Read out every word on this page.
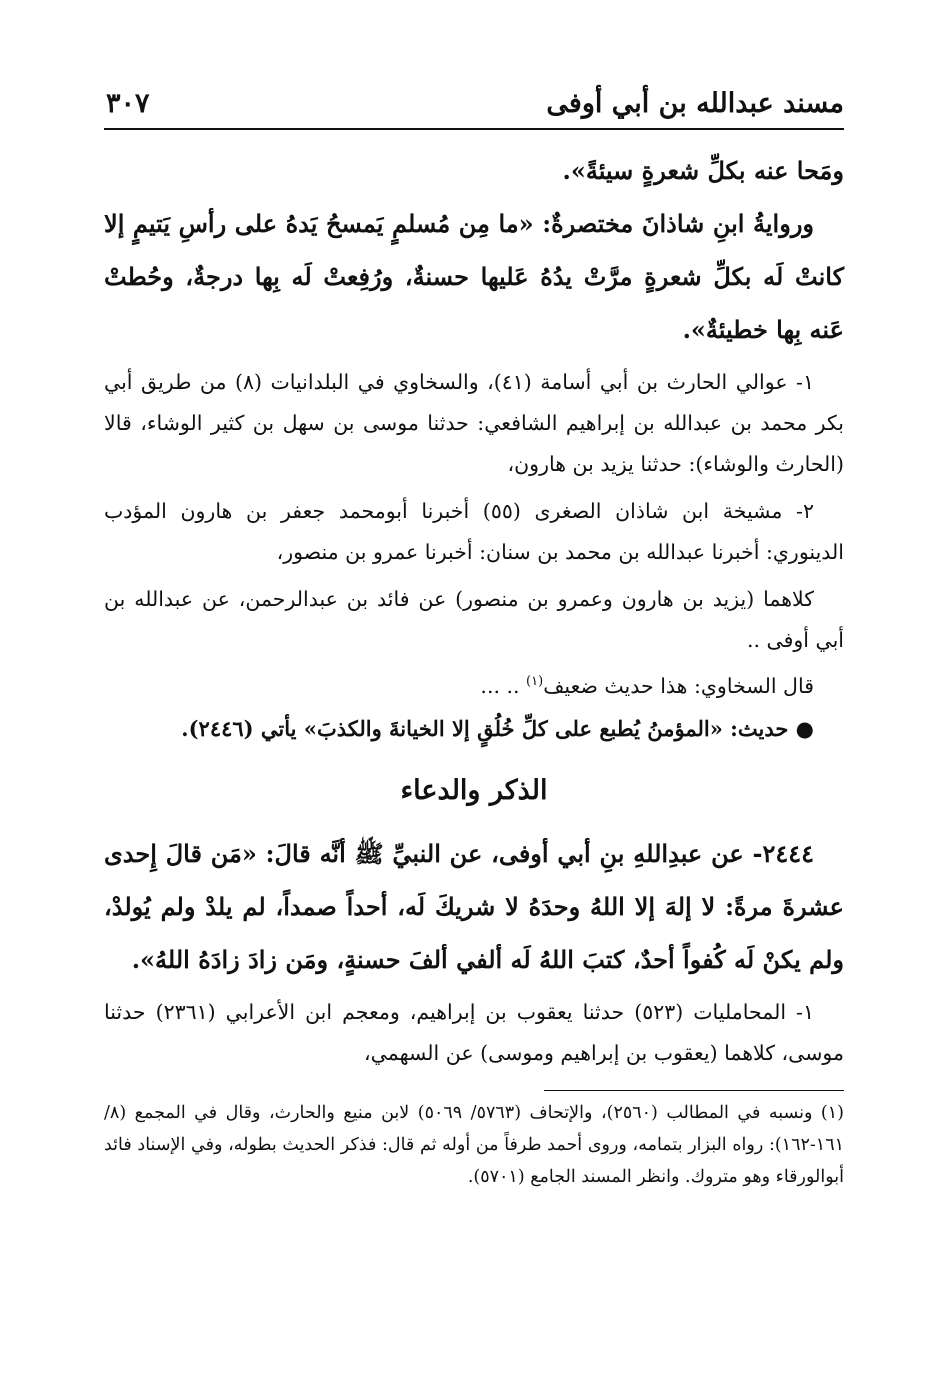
مسند عبدالله بن أبي أوفى
٣٠٧

ومَحا عنه بكلِّ شعرةٍ سيئةً».

وروايةُ ابنِ شاذانَ مختصرةٌ: «ما مِن مُسلمٍ يَمسحُ يَدهُ على رأسِ يَتيمٍ إلا كانتْ لَه بكلِّ شعرةٍ مرَّتْ يدُهُ عَليها حسنةٌ، ورُفِعتْ لَه بِها درجةٌ، وحُطتْ عَنه بِها خطيئةٌ».

١- عوالي الحارث بن أبي أسامة (٤١)، والسخاوي في البلدانيات (٨) من طريق أبي بكر محمد بن عبدالله بن إبراهيم الشافعي: حدثنا موسى بن سهل بن كثير الوشاء، قالا (الحارث والوشاء): حدثنا يزيد بن هارون،

٢- مشيخة ابن شاذان الصغرى (٥٥) أخبرنا أبومحمد جعفر بن هارون المؤدب الدينوري: أخبرنا عبدالله بن محمد بن سنان: أخبرنا عمرو بن منصور،

كلاهما (يزيد بن هارون وعمرو بن منصور) عن فائد بن عبدالرحمن، عن عبدالله بن أبي أوفى ..

قال السخاوي: هذا حديث ضعيف$^{(١)}$ .. ...

● حديث: «المؤمنُ يُطبع على كلِّ خُلُقٍ إلا الخيانةَ والكذبَ» يأتي (٢٤٤٦).
الذكر والدعاء

٢٤٤٤- عن عبدِاللهِ بنِ أبي أوفى، عن النبيِّ ﷺ أنَّه قالَ: «مَن قالَ إِحدى عشرةَ مرةً: لا إلهَ إلا اللهُ وحدَهُ لا شريكَ لَه، أحداً صمداً، لم يلدْ ولم يُولدْ، ولم يكنْ لَه كُفواً أحدٌ، كتبَ اللهُ لَه ألفي ألفَ حسنةٍ، ومَن زادَ زادَهُ اللهُ».

١- المحامليات (٥٢٣) حدثنا يعقوب بن إبراهيم، ومعجم ابن الأعرابي (٢٣٦١) حدثنا موسى، كلاهما (يعقوب بن إبراهيم وموسى) عن السهمي،

(١) ونسبه في المطالب (٢٥٦٠)، والإتحاف (٥٧٦٣/ ٥٠٦٩) لابن منيع والحارث، وقال في المجمع (٨/ ١٦١-١٦٢): رواه البزار بتمامه، وروى أحمد طرفاً من أوله ثم قال: فذكر الحديث بطوله، وفي الإسناد فائد أبوالورقاء وهو متروك. وانظر المسند الجامع (٥٧٠١).
